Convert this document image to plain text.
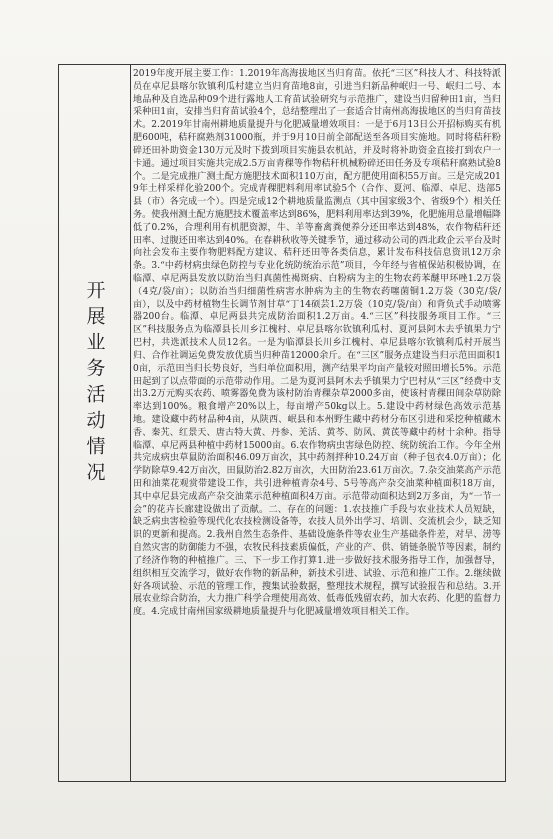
开展业务活动情况

2019年度开展主要工作：1.2019年高海拔地区当归育苗。依托“三区”科技人才、科技特派员在卓尼县喀尔钦镇利瓜村建立当归育苗地8亩，引进当归新品种岷归一号、岷归二号、本地品种及自选品种09个进行露地人工育苗试验研究与示范推广，建设当归留种田1亩，当归采种田1亩，安排当归育苗试验4个，总结整理出了一套适合甘南州高海拔地区的当归育苗技术。2.2019年甘南州耕地质量提升与化肥减量增效项目：一是于6月13日公开招标购买有机肥600吨，秸秆腐熟剂31000瓶，并于9月10日前全部配送至各项目实施地。同时将秸秆粉碎还田补助资金130万元及时下拨到项目实施县农机站，并及时将补助资金直接打到农户一卡通。通过项目实施共完成2.5万亩青稞等作物秸秆机械粉碎还田任务及专项秸秆腐熟试验8个。二是完成推广测土配方施肥技术面积110万亩，配方肥使用面积55万亩。三是完成2019年土样采样化验200个。完成青稞肥料利用率试验5个（合作、夏河、临潭、卓尼、迭部5县（市）各完成一个）。四是完成12个耕地质量监测点（其中国家级3个、省级9个）相关任务。使我州测土配方施肥技术覆盖率达到86%，肥料利用率达到39%，化肥施用总量增幅降低了0.2%，合理利用有机肥资源，牛、羊等畜禽粪便养分还田率达到48%，农作物秸秆还田率、过腹还田率达到40%。在春耕秋收等关键季节，通过移动公司的西北政企云平台及时向社会发布主要作物肥料配方建议、秸秆还田等各类信息，累计发布科技信息资讯12万余条。3.“中药材病虫绿色防控与专业化统防统治示范”项目，今年经与省植保站积极协调，在临潭、卓尼两县发放以防治当归真菌性褐斑病、白粉病为主的生物农药苯醚甲环唑1.2万袋（4克/袋/亩）；以防治当归细菌性病害水肿病为主的生物农药噻菌铜1.2万袋（30克/袋/亩），以及中药材植物生长调节剂甘草“丁14硕芸1.2万袋（10克/袋/亩）和背负式手动喷雾器200台。临潭、卓尼两县共完成防治面积1.2万亩。4.“三区”科技服务项目工作。“三区”科技服务点为临潭县长川乡江槐村、卓尼县喀尔钦镇利瓜村、夏河县阿木去乎镇果力宁巴村，共选派技术人员12名。一是为临潭县长川乡江槐村、卓尼县喀尔钦镇利瓜村开展当归、合作社调运免费发放优质当归种苗12000余斤。在“三区”服务点建设当归示范田面积10亩，示范田当归长势良好，当归单位面积用，测产结果平均亩产量较对照田增长5%。示范田起到了以点带面的示范带动作用。二是为夏河县阿木去乎镇果力宁巴村从“三区”经费中支出3.2万元购买农药、喷雾器免费为该村防治青稞杂草2000多亩，使该村青稞田间杂草防除率达到100%。粮食增产20%以上，每亩增产50kg以上。5.建设中药材绿色高效示范基地。建设藏中药材品种4亩，从陕西、岷县和本州野生藏中药材分布区引进和采挖种植藏木香、秦艽、红景天、唐古特大黄、丹参、羌活、黄芩、防风、黄芪等藏中药材十余种。指导临潭、卓尼两县种植中药材15000亩。6.农作物病虫害绿色防控、统防统治工作。今年全州共完成病虫草鼠防治面积46.09万亩次，其中药剂拌种10.24万亩（种子包衣4.0万亩）；化学防除草9.42万亩次，田鼠防治2.82万亩次，大田防治23.61万亩次。7.杂交油菜高产示范田和油菜花观赏带建设工作，共引进种植青杂4号、5号等高产杂交油菜种植面积18万亩，其中卓尼县完成高产杂交油菜示范种植面积4万亩。示范带动面积达到2万多亩，为“一节一会”的花卉长廊建设做出了贡献。二、存在的问题：1.农技推广手段与农业技术人员短缺，缺乏病虫害检验等现代化农技检测设备等，农技人员外出学习、培训、交流机会少，缺乏知识的更新和提高。2.我州自然生态条件、基础设施条件等农业生产基础条件差，对旱、涝等自然灾害的防御能力不强，农牧民科技素质偏低，产业的产、供、销链条脱节等因素，制约了经济作物的种植推广。三、下一步工作打算1.进一步做好技术服务指导工作，加强督导，组织相互交流学习，做好农作物的新品种，新技术引进、试验、示范和推广工作。2.继续做好各项试验、示范的管理工作，搜集试验数据，整理技术规程，撰写试验报告和总结。3.开展农业综合防治，大力推广科学合理使用高效、低毒低残留农药，加大农药、化肥的监督力度。4.完成甘南州国家级耕地质量提升与化肥减量增效项目相关工作。
